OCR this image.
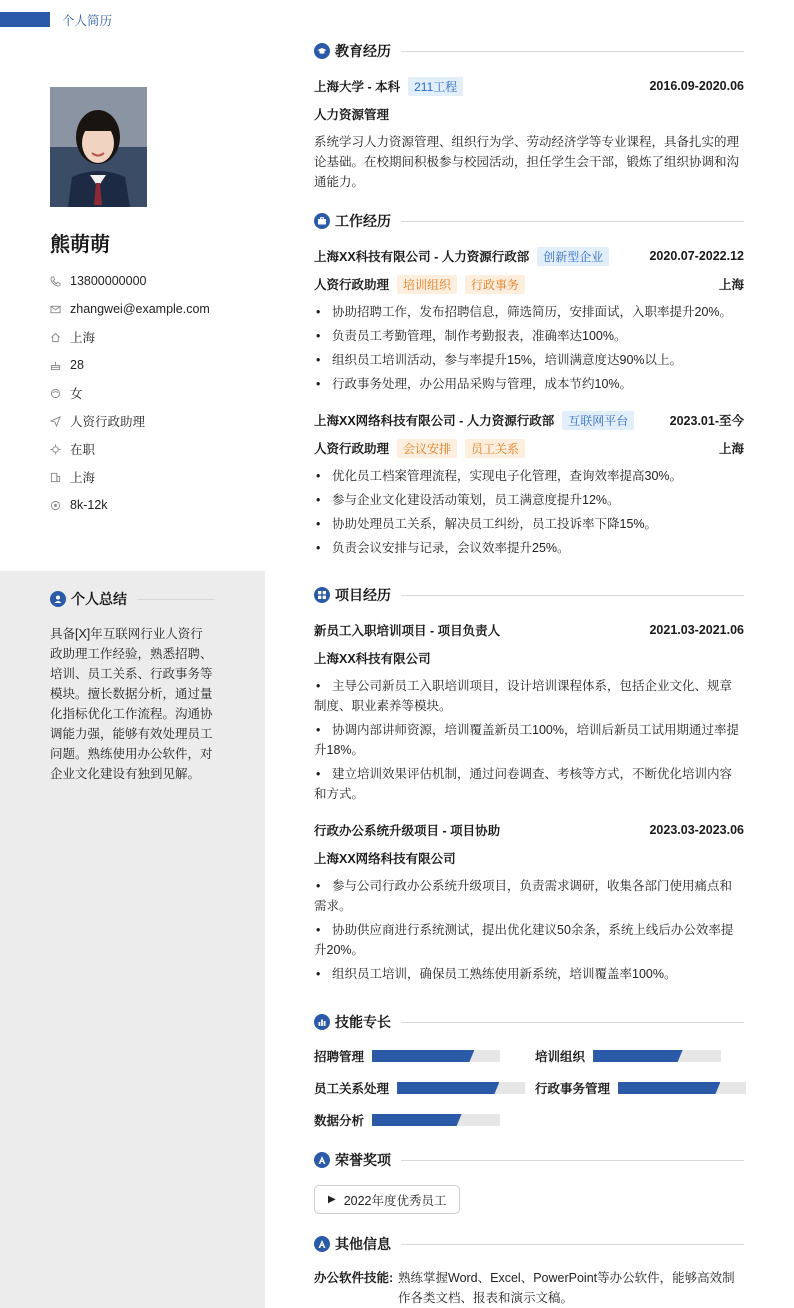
个人简历
熊萌萌
13800000000
zhangwei@example.com
上海
28
女
人资行政助理
在职
上海
8k-12k
个人总结
具备[X]年互联网行业人资行政助理工作经验，熟悉招聘、培训、员工关系、行政事务等模块。擅长数据分析，通过量化指标优化工作流程。沟通协调能力强，能够有效处理员工问题。熟练使用办公软件，对企业文化建设有独到见解。
教育经历
上海大学 - 本科	211工程	2016.09-2020.06
人力资源管理
系统学习人力资源管理、组织行为学、劳动经济学等专业课程，具备扎实的理论基础。在校期间积极参与校园活动，担任学生会干部，锻炼了组织协调和沟通能力。
工作经历
上海XX科技有限公司 - 人力资源行政部	创新型企业	2020.07-2022.12
人资行政助理	培训组织	行政事务	上海
• 协助招聘工作，发布招聘信息，筛选简历，安排面试，入职率提升20%。
• 负责员工考勤管理，制作考勤报表，准确率达100%。
• 组织员工培训活动，参与率提升15%，培训满意度达90%以上。
• 行政事务处理，办公用品采购与管理，成本节约10%。
上海XX网络科技有限公司 - 人力资源行政部	互联网平台	2023.01-至今
人资行政助理	会议安排	员工关系	上海
• 优化员工档案管理流程，实现电子化管理，查询效率提高30%。
• 参与企业文化建设活动策划，员工满意度提升12%。
• 协助处理员工关系，解决员工纠纷，员工投诉率下降15%。
• 负责会议安排与记录，会议效率提升25%。
项目经历
新员工入职培训项目 - 项目负责人	2021.03-2021.06
上海XX科技有限公司
• 主导公司新员工入职培训项目，设计培训课程体系，包括企业文化、规章制度、职业素养等模块。
• 协调内部讲师资源，培训覆盖新员工100%，培训后新员工试用期通过率提升18%。
• 建立培训效果评估机制，通过问卷调查、考核等方式，不断优化培训内容和方式。
行政办公系统升级项目 - 项目协助	2023.03-2023.06
上海XX网络科技有限公司
• 参与公司行政办公系统升级项目，负责需求调研，收集各部门使用痛点和需求。
• 协助供应商进行系统测试，提出优化建议50余条，系统上线后办公效率提升20%。
• 组织员工培训，确保员工熟练使用新系统，培训覆盖率100%。
技能专长
招聘管理	培训组织
员工关系处理	行政事务管理
数据分析
荣誉奖项
▶ 2022年度优秀员工
其他信息
办公软件技能: 熟练掌握Word、Excel、PowerPoint等办公软件，能够高效制作各类文档、报表和演示文稿。
